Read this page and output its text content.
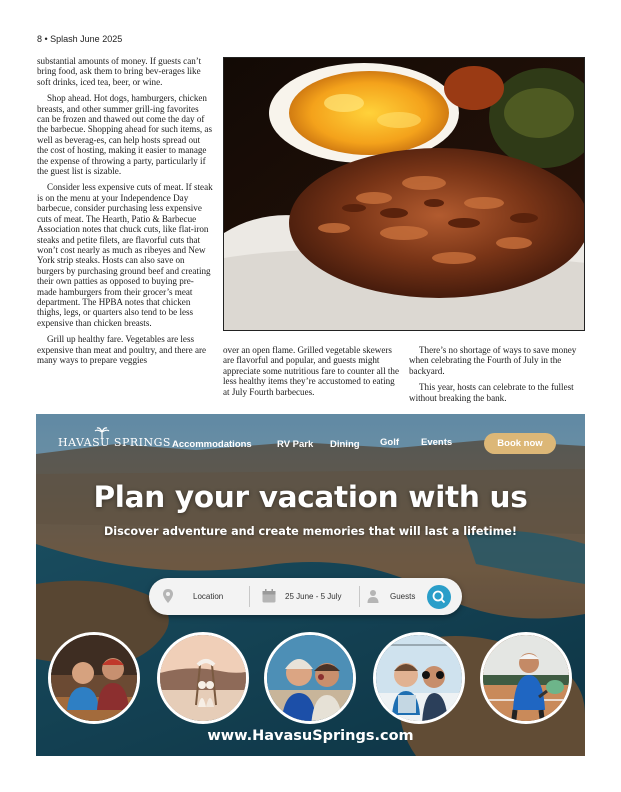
8 • Splash June 2025

substantial amounts of money. If guests can’t bring food, ask them to bring bev-erages like soft drinks, iced tea, beer, or wine.

Shop ahead. Hot dogs, hamburgers, chicken breasts, and other summer grill-ing favorites can be frozen and thawed out come the day of the barbecue. Shopping ahead for such items, as well as beverag-es, can help hosts spread out the cost of hosting, making it easier to manage the expense of throwing a party, particularly if the guest list is sizable.

Consider less expensive cuts of meat. If steak is on the menu at your Independence Day barbecue, consider purchasing less expensive cuts of meat. The Hearth, Patio & Barbecue Association notes that chuck cuts, like flat-iron steaks and petite filets, are flavorful cuts that won’t cost nearly as much as ribeyes and New York strip steaks. Hosts can also save on burgers by purchasing ground beef and creating their own patties as opposed to buying pre-made hamburgers from their grocer’s meat department. The HPBA notes that chicken thighs, legs, or quarters also tend to be less expensive than chicken breasts.

Grill up healthy fare. Vegetables are less expensive than meat and poultry, and there are many ways to prepare veggies

over an open flame. Grilled vegetable skewers are flavorful and popular, and guests might appreciate some nutritious fare to counter all the less healthy items they’re accustomed to eating at July Fourth barbecues.

There’s no shortage of ways to save money when celebrating the Fourth of July in the backyard.

This year, hosts can celebrate to the fullest without breaking the bank.

HAVASU SPRINGS Accommodations	RV Park Dining Golf Events	Book now
Plan your vacation with us
Discover adventure and create memories that will last a lifetime!
Location	25 June - 5 July	Guests
www.HavasuSprings.com
